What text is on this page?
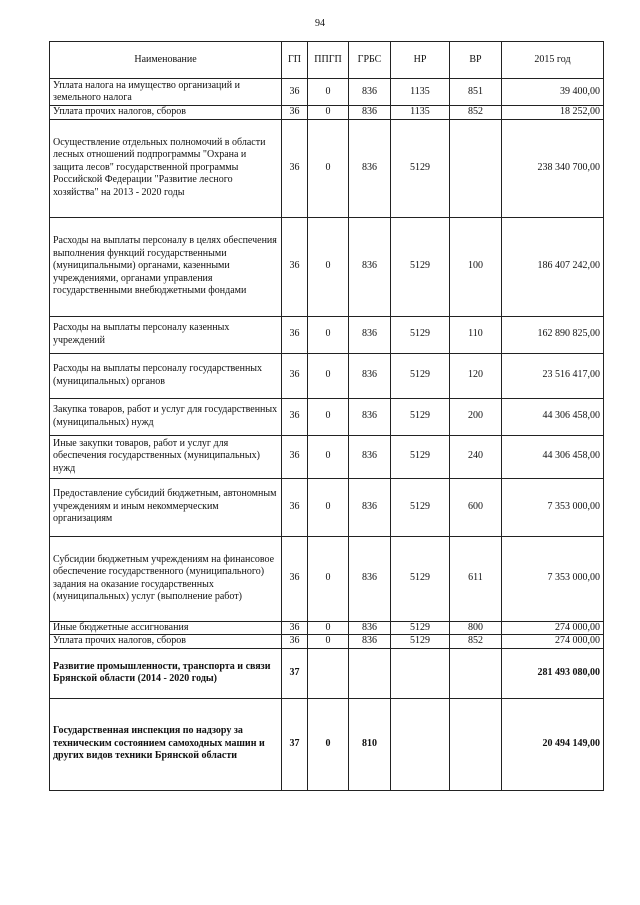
94
Наименование	ГП	ППГП	ГРБС	НР	ВР	2015 год
Уплата налога на имущество организаций и земельного налога	36	0	836	1135	851	39 400,00
Уплата прочих налогов, сборов	36	0	836	1135	852	18 252,00
Осуществление отдельных полномочий в области лесных отношений подпрограммы "Охрана и защита лесов" государственной программы Российской Федерации "Развитие лесного хозяйства" на 2013 - 2020 годы	36	0	836	5129		238 340 700,00
Расходы на выплаты персоналу в целях обеспечения выполнения функций государственными (муниципальными) органами, казенными учреждениями, органами управления государственными внебюджетными фондами	36	0	836	5129	100	186 407 242,00
Расходы на выплаты персоналу казенных учреждений	36	0	836	5129	110	162 890 825,00
Расходы на выплаты персоналу государственных (муниципальных) органов	36	0	836	5129	120	23 516 417,00
Закупка товаров, работ и услуг для государственных (муниципальных) нужд	36	0	836	5129	200	44 306 458,00
Иные закупки товаров, работ и услуг для обеспечения государственных (муниципальных) нужд	36	0	836	5129	240	44 306 458,00
Предоставление субсидий бюджетным, автономным учреждениям и иным некоммерческим организациям	36	0	836	5129	600	7 353 000,00
Субсидии бюджетным учреждениям на финансовое обеспечение государственного (муниципального) задания на оказание государственных (муниципальных) услуг (выполнение работ)	36	0	836	5129	611	7 353 000,00
Иные бюджетные ассигнования	36	0	836	5129	800	274 000,00
Уплата прочих налогов, сборов	36	0	836	5129	852	274 000,00
Развитие промышленности, транспорта и связи Брянской области (2014 - 2020 годы)	37					281 493 080,00
Государственная инспекция по надзору за техническим состоянием самоходных машин и других видов техники Брянской области	37	0	810			20 494 149,00
